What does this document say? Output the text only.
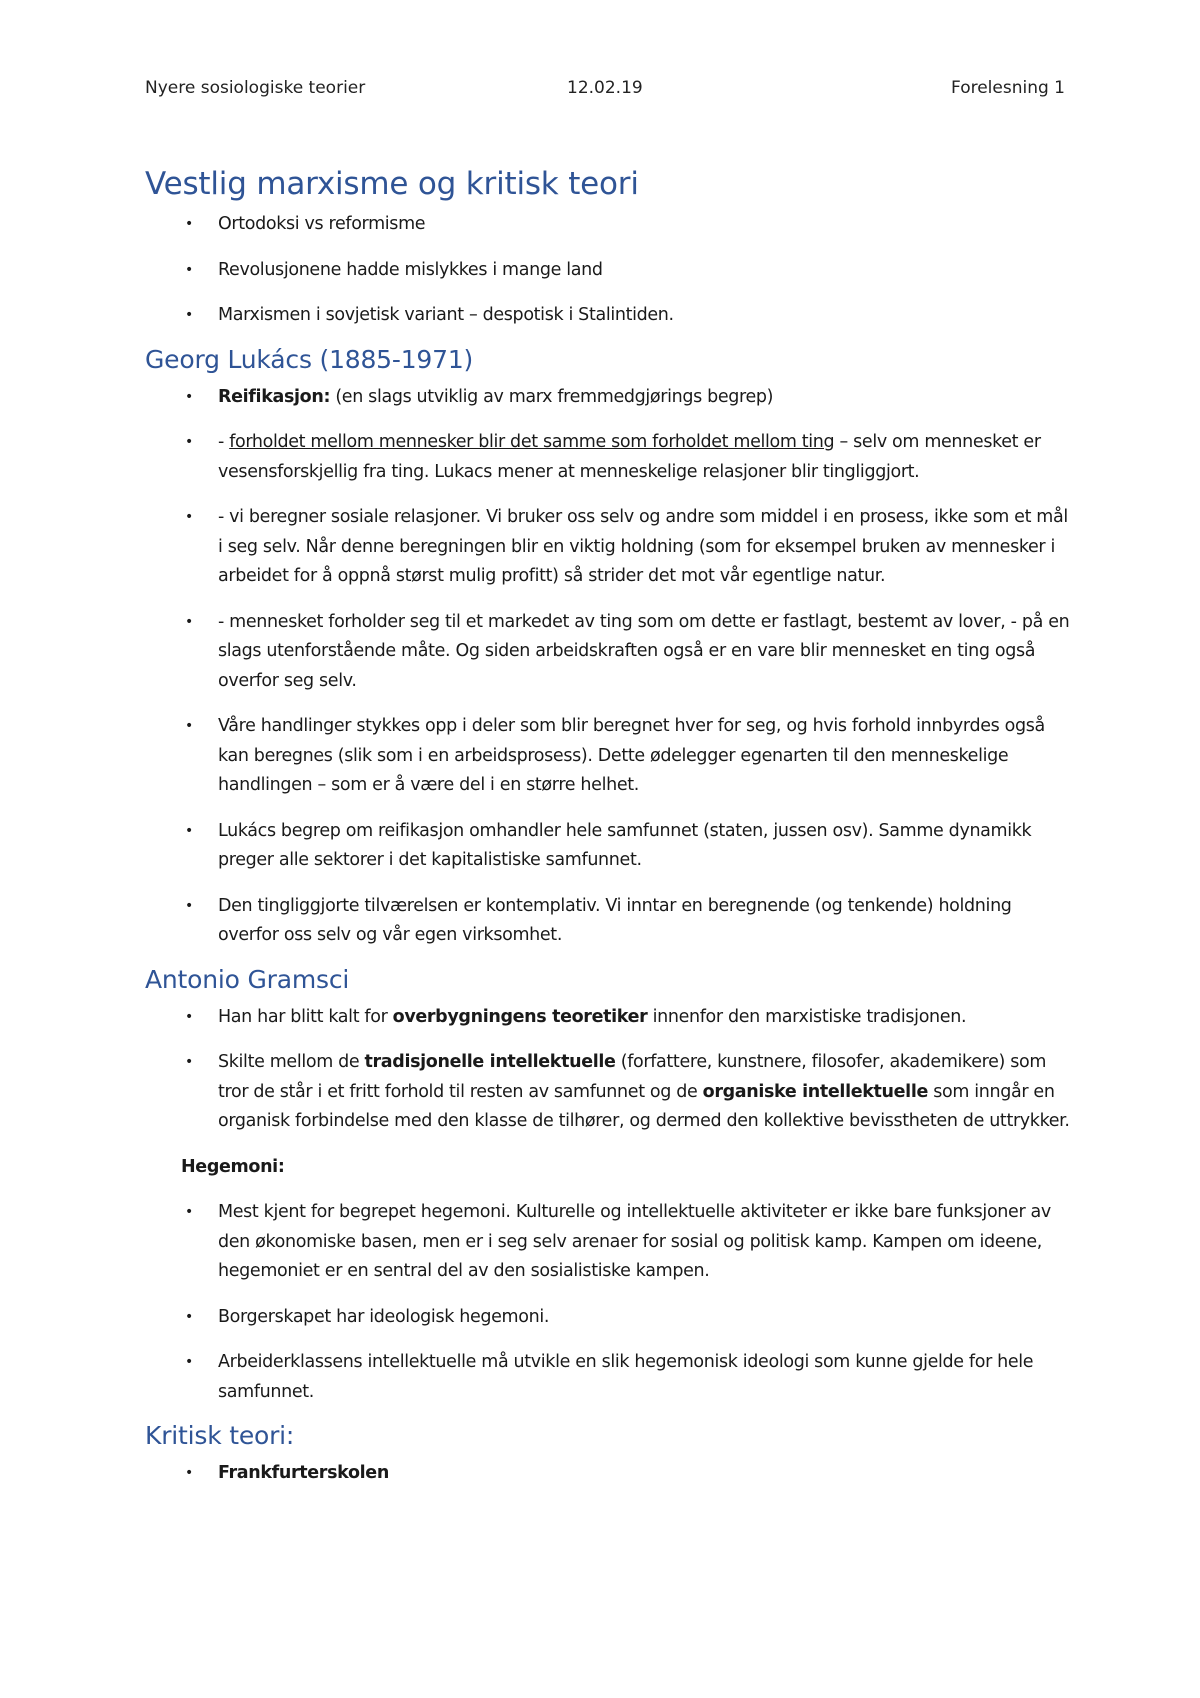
Nyere sosiologiske teorier	12.02.19	Forelesning 1
Vestlig marxisme og kritisk teori
• Ortodoksi vs reformisme
• Revolusjonene hadde mislykkes i mange land
• Marxismen i sovjetisk variant – despotisk i Stalintiden.
Georg Lukács (1885-1971)
• Reifikasjon: (en slags utviklig av marx fremmedgjørings begrep)
• - forholdet mellom mennesker blir det samme som forholdet mellom ting – selv om mennesket er vesensforskjellig fra ting. Lukacs mener at menneskelige relasjoner blir tingliggjort.
• - vi beregner sosiale relasjoner. Vi bruker oss selv og andre som middel i en prosess, ikke som et mål i seg selv. Når denne beregningen blir en viktig holdning (som for eksempel bruken av mennesker i arbeidet for å oppnå størst mulig profitt) så strider det mot vår egentlige natur.
• - mennesket forholder seg til et markedet av ting som om dette er fastlagt, bestemt av lover, - på en slags utenforstående måte. Og siden arbeidskraften også er en vare blir mennesket en ting også overfor seg selv.
• Våre handlinger stykkes opp i deler som blir beregnet hver for seg, og hvis forhold innbyrdes også kan beregnes (slik som i en arbeidsprosess). Dette ødelegger egenarten til den menneskelige handlingen – som er å være del i en større helhet.
• Lukács begrep om reifikasjon omhandler hele samfunnet (staten, jussen osv). Samme dynamikk preger alle sektorer i det kapitalistiske samfunnet.
• Den tingliggjorte tilværelsen er kontemplativ. Vi inntar en beregnende (og tenkende) holdning overfor oss selv og vår egen virksomhet.
Antonio Gramsci
• Han har blitt kalt for overbygningens teoretiker innenfor den marxistiske tradisjonen.
• Skilte mellom de tradisjonelle intellektuelle (forfattere, kunstnere, filosofer, akademikere) som tror de står i et fritt forhold til resten av samfunnet og de organiske intellektuelle som inngår en organisk forbindelse med den klasse de tilhører, og dermed den kollektive bevisstheten de uttrykker.
Hegemoni:
• Mest kjent for begrepet hegemoni. Kulturelle og intellektuelle aktiviteter er ikke bare funksjoner av den økonomiske basen, men er i seg selv arenaer for sosial og politisk kamp. Kampen om ideene, hegemoniet er en sentral del av den sosialistiske kampen.
• Borgerskapet har ideologisk hegemoni.
• Arbeiderklassens intellektuelle må utvikle en slik hegemonisk ideologi som kunne gjelde for hele samfunnet.
Kritisk teori:
• Frankfurterskolen
